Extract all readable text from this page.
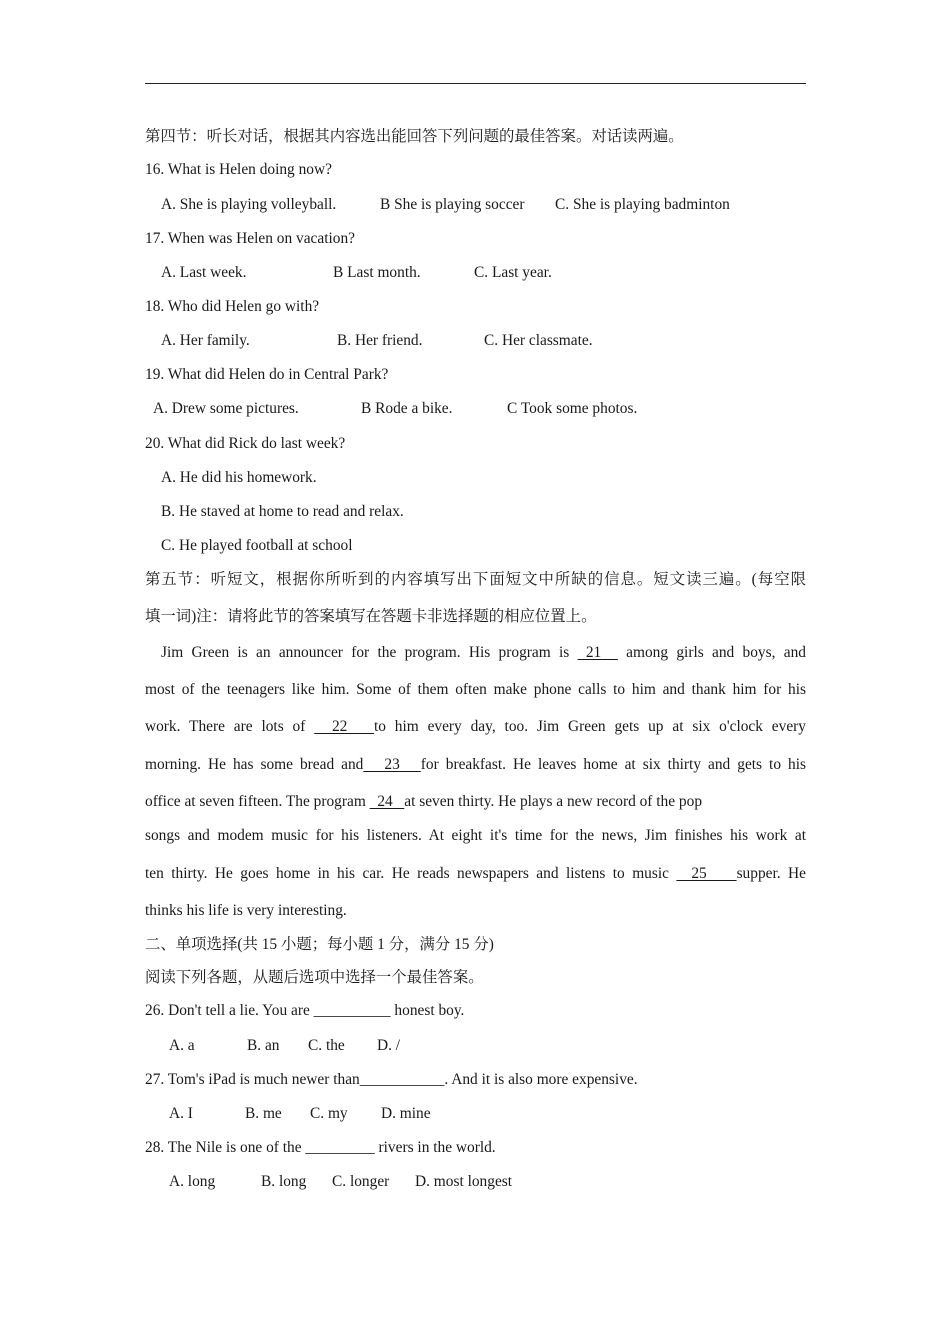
第四节：听长对话，根据其内容选出能回答下列问题的最佳答案。对话读两遍。
16. What is Helen doing now?
A. She is playing volleyball.	B She is playing soccer C. She is playing badminton
17. When was Helen on vacation?
A. Last week.	B Last month.	C. Last year.
18. Who did Helen go with?
A. Her family.	B. Her friend.	C. Her classmate.
19. What did Helen do in Central Park?
A. Drew some pictures.	B Rode a bike.	C Took some photos.
20. What did Rick do last week?
A. He did his homework.
B. He staved at home to read and relax.
C. He played football at school
第五节：听短文，根据你所听到的内容填写出下面短文中所缺的信息。短文读三遍。(每空限
填一词)注：请将此节的答案填写在答题卡非选择题的相应位置上。
Jim Green is an announcer for the program. His program is  21   among girls and boys, and
most of the teenagers like him. Some of them often make phone calls to him and thank him for his
work. There are lots of   22   to him every day, too. Jim Green gets up at six o'clock every
morning. He has some bread and   23   for breakfast. He leaves home at six thirty and gets to his
office at seven fifteen. The program   24   at seven thirty. He plays a new record of the pop
songs and modem music for his listeners. At eight it's time for the news, Jim finishes his work at
ten thirty. He goes home in his car. He reads newspapers and listens to music   25    supper. He
thinks his life is very interesting.
二、单项选择(共 15 小题；每小题 1 分，满分 15 分)
阅读下列各题，从题后选项中选择一个最佳答案。
26. Don't tell a lie. You are __________ honest boy.
A. a	B. an C. the D. /
27. Tom's iPad is much newer than___________. And it is also more expensive.
A. I	B. me C. my D. mine
28. The Nile is one of the _________ rivers in the world.
A. long	B. long C. longer D. most longest
